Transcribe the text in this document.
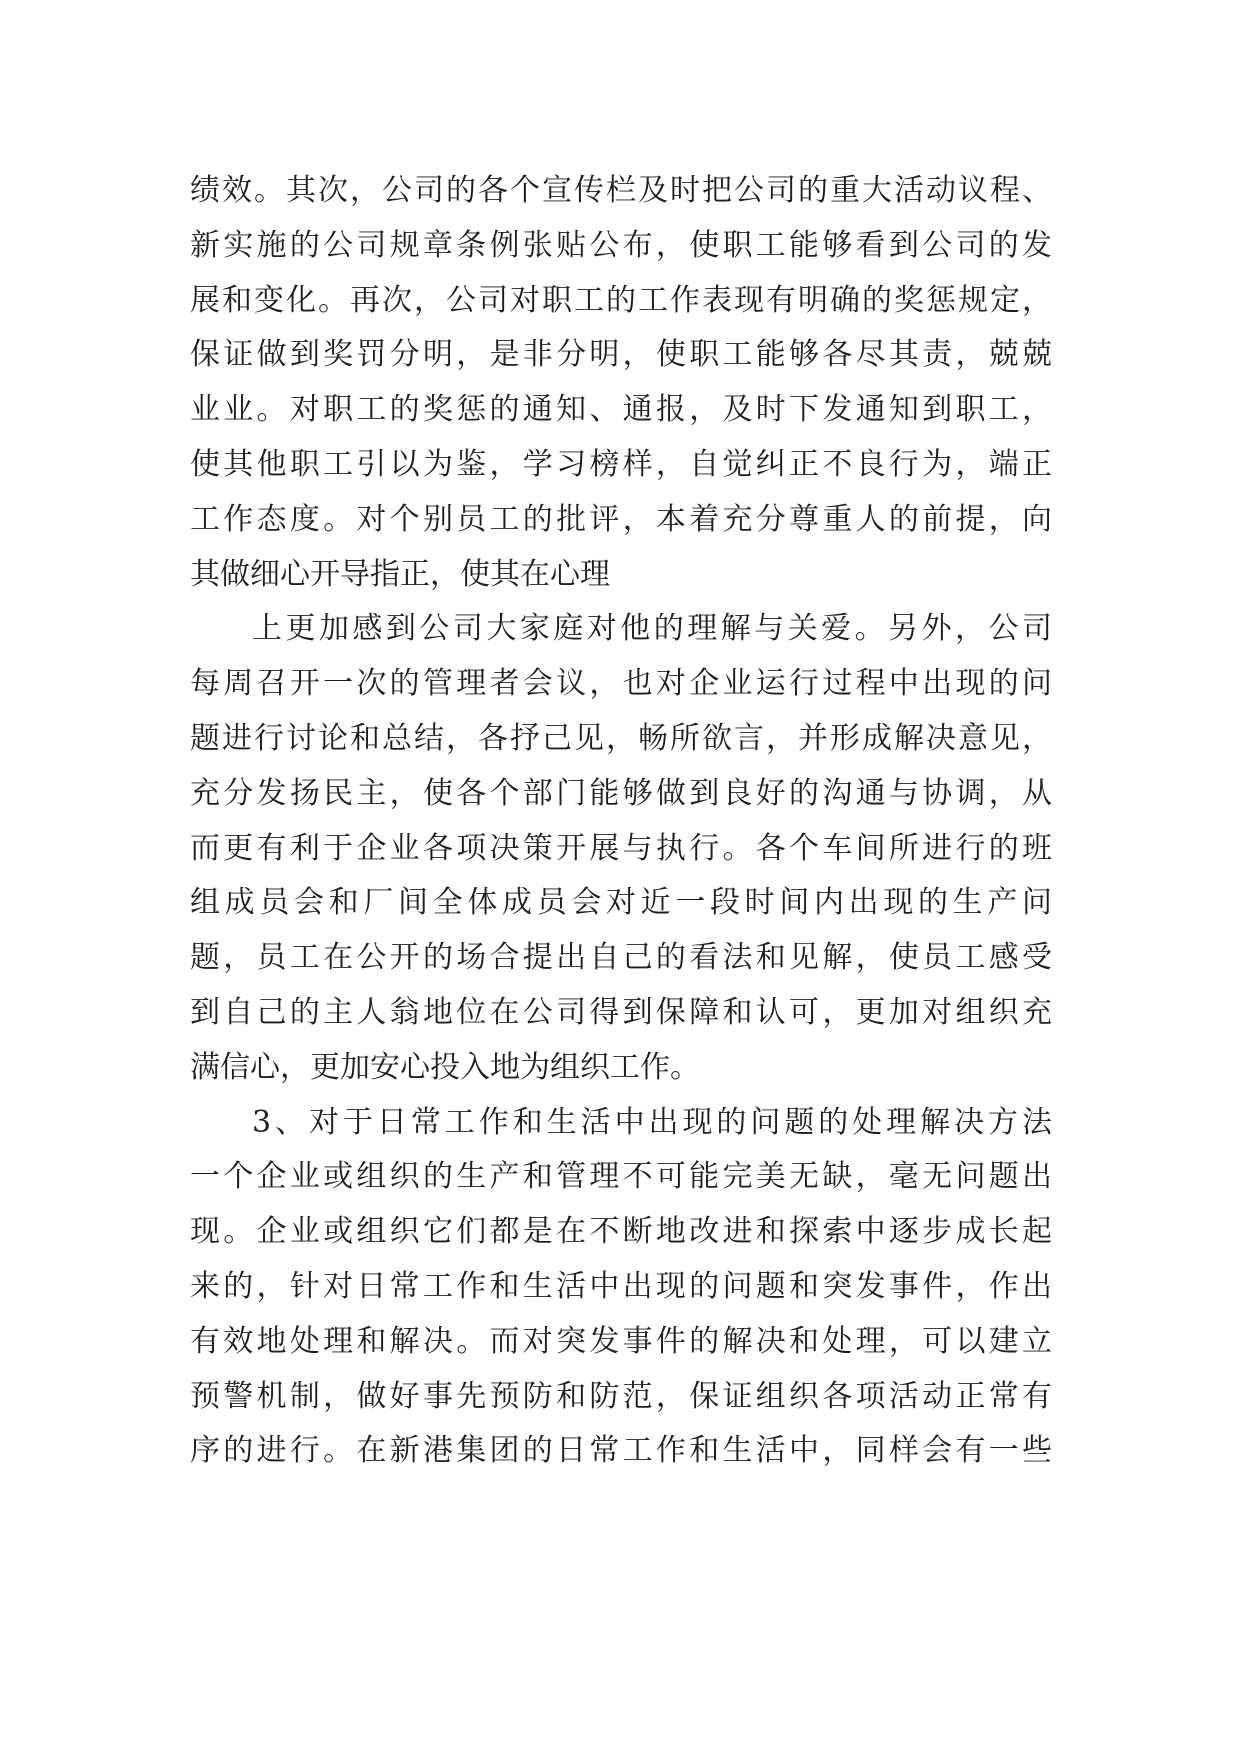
绩效。其次，公司的各个宣传栏及时把公司的重大活动议程、
新实施的公司规章条例张贴公布，使职工能够看到公司的发
展和变化。再次，公司对职工的工作表现有明确的奖惩规定，
保证做到奖罚分明，是非分明，使职工能够各尽其责，兢兢
业业。对职工的奖惩的通知、通报，及时下发通知到职工，
使其他职工引以为鉴，学习榜样，自觉纠正不良行为，端正
工作态度。对个别员工的批评，本着充分尊重人的前提，向
其做细心开导指正，使其在心理
上更加感到公司大家庭对他的理解与关爱。另外，公司
每周召开一次的管理者会议，也对企业运行过程中出现的问
题进行讨论和总结，各抒己见，畅所欲言，并形成解决意见，
充分发扬民主，使各个部门能够做到良好的沟通与协调，从
而更有利于企业各项决策开展与执行。各个车间所进行的班
组成员会和厂间全体成员会对近一段时间内出现的生产问
题，员工在公开的场合提出自己的看法和见解，使员工感受
到自己的主人翁地位在公司得到保障和认可，更加对组织充
满信心，更加安心投入地为组织工作。
3、对于日常工作和生活中出现的问题的处理解决方法
一个企业或组织的生产和管理不可能完美无缺，毫无问题出
现。企业或组织它们都是在不断地改进和探索中逐步成长起
来的，针对日常工作和生活中出现的问题和突发事件，作出
有效地处理和解决。而对突发事件的解决和处理，可以建立
预警机制，做好事先预防和防范，保证组织各项活动正常有
序的进行。在新港集团的日常工作和生活中，同样会有一些
